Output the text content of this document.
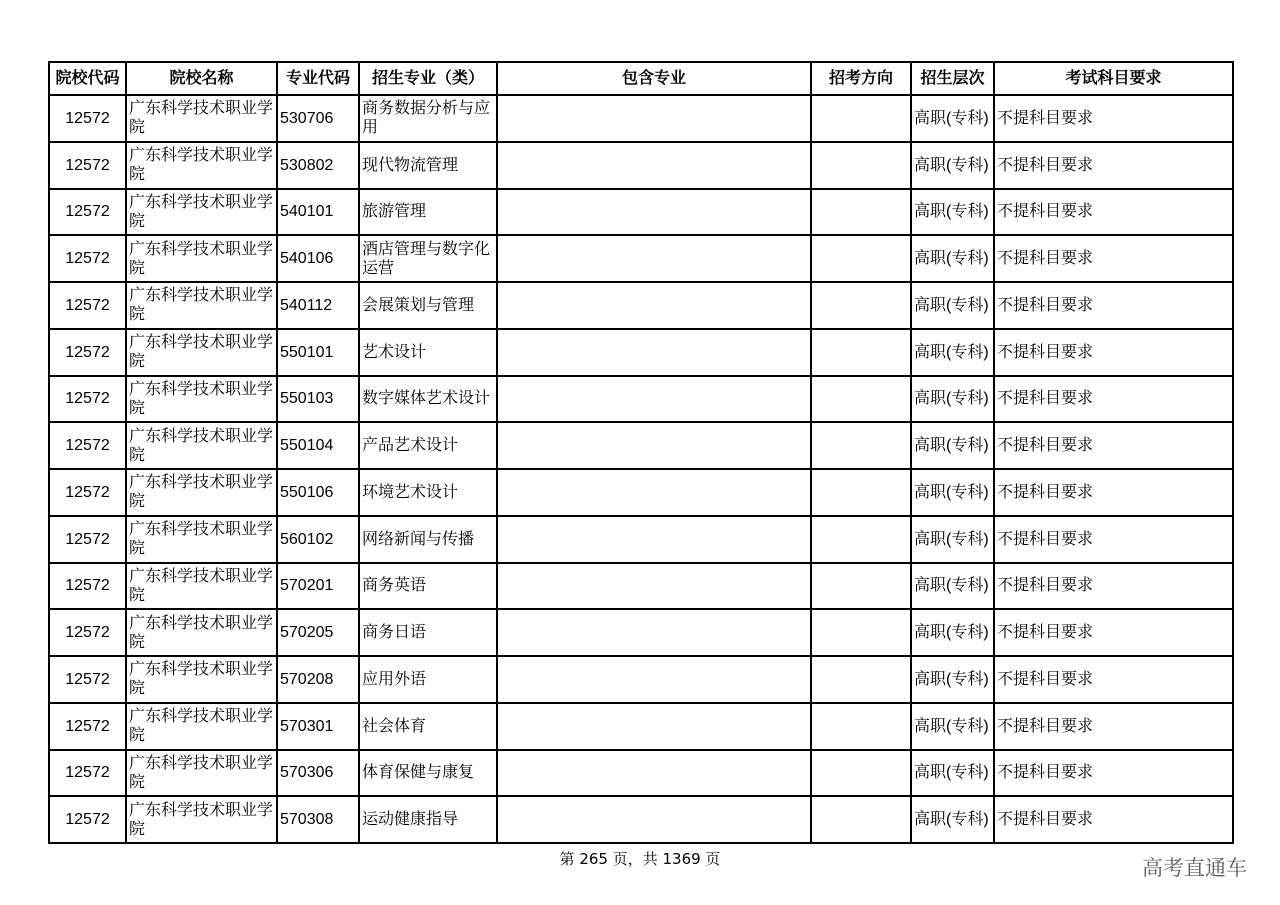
院校代码	院校名称	专业代码	招生专业（类）	包含专业	招考方向	招生层次	考试科目要求
12572	广东科学技术职业学院	530706	商务数据分析与应用			高职(专科)	不提科目要求
12572	广东科学技术职业学院	530802	现代物流管理			高职(专科)	不提科目要求
12572	广东科学技术职业学院	540101	旅游管理			高职(专科)	不提科目要求
12572	广东科学技术职业学院	540106	酒店管理与数字化运营			高职(专科)	不提科目要求
12572	广东科学技术职业学院	540112	会展策划与管理			高职(专科)	不提科目要求
12572	广东科学技术职业学院	550101	艺术设计			高职(专科)	不提科目要求
12572	广东科学技术职业学院	550103	数字媒体艺术设计			高职(专科)	不提科目要求
12572	广东科学技术职业学院	550104	产品艺术设计			高职(专科)	不提科目要求
12572	广东科学技术职业学院	550106	环境艺术设计			高职(专科)	不提科目要求
12572	广东科学技术职业学院	560102	网络新闻与传播			高职(专科)	不提科目要求
12572	广东科学技术职业学院	570201	商务英语			高职(专科)	不提科目要求
12572	广东科学技术职业学院	570205	商务日语			高职(专科)	不提科目要求
12572	广东科学技术职业学院	570208	应用外语			高职(专科)	不提科目要求
12572	广东科学技术职业学院	570301	社会体育			高职(专科)	不提科目要求
12572	广东科学技术职业学院	570306	体育保健与康复			高职(专科)	不提科目要求
12572	广东科学技术职业学院	570308	运动健康指导			高职(专科)	不提科目要求
第 265 页，共 1369 页	高考直通车
